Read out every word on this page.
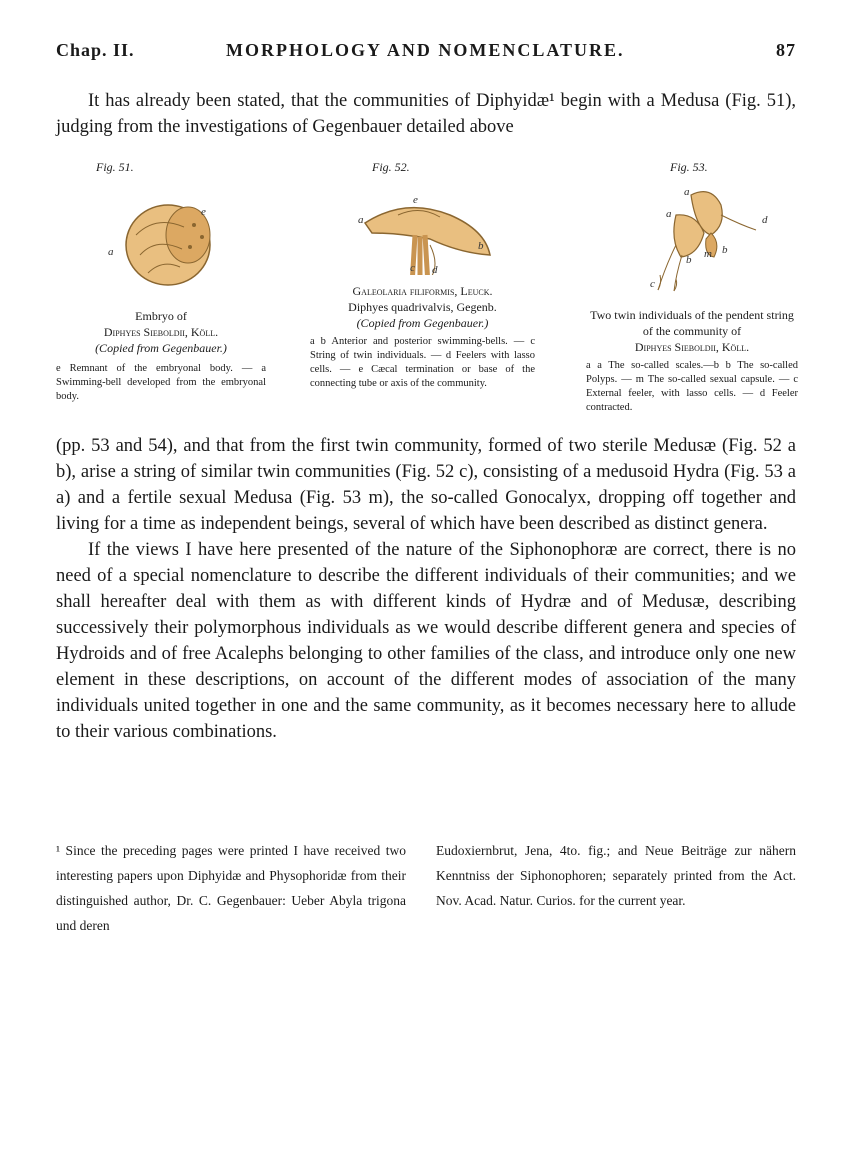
Chap. II.	MORPHOLOGY AND NOMENCLATURE.	87

It has already been stated, that the communities of Diphyidæ¹ begin with a Medusa (Fig. 51), judging from the investigations of Gegenbauer detailed above

Fig. 51.
a
e
Embryo of
Diphyes Sieboldii, Köll.
(Copied from Gegenbauer.)
e Remnant of the embryonal body. — a Swimming-bell developed from the embryonal body.
Fig. 52.
a
e
b
c d
Galeolaria filiformis, Leuck.
Diphyes quadrivalvis, Gegenb.
(Copied from Gegenbauer.)
a b Anterior and posterior swimming-bells. — c String of twin individuals. — d Feelers with lasso cells. — e Cæcal termination or base of the connecting tube or axis of the community.
Fig. 53.
a
a	d
b
m
b
c
Two twin individuals of the pendent string of the community of
Diphyes Sieboldii, Köll.
a a The so-called scales.—b b The so-called Polyps. — m The so-called sexual capsule. — c External feeler, with lasso cells. — d Feeler contracted.

(pp. 53 and 54), and that from the first twin community, formed of two sterile Medusæ (Fig. 52 a b), arise a string of similar twin communities (Fig. 52 c), consisting of a medusoid Hydra (Fig. 53 a a) and a fertile sexual Medusa (Fig. 53 m), the so-called Gonocalyx, dropping off together and living for a time as independent beings, several of which have been described as distinct genera.

If the views I have here presented of the nature of the Siphonophoræ are correct, there is no need of a special nomenclature to describe the different individuals of their communities; and we shall hereafter deal with them as with different kinds of Hydræ and of Medusæ, describing successively their polymorphous individuals as we would describe different genera and species of Hydroids and of free Acalephs belonging to other families of the class, and introduce only one new element in these descriptions, on account of the different modes of association of the many individuals united together in one and the same community, as it becomes necessary here to allude to their various combinations.

¹ Since the preceding pages were printed I have received two interesting papers upon Diphyidæ and Physophoridæ from their distinguished author, Dr. C. Gegenbauer: Ueber Abyla trigona und deren
Eudoxiernbrut, Jena, 4to. fig.; and Neue Beiträge zur nähern Kenntniss der Siphonophoren; separately printed from the Act. Nov. Acad. Natur. Curios. for the current year.
